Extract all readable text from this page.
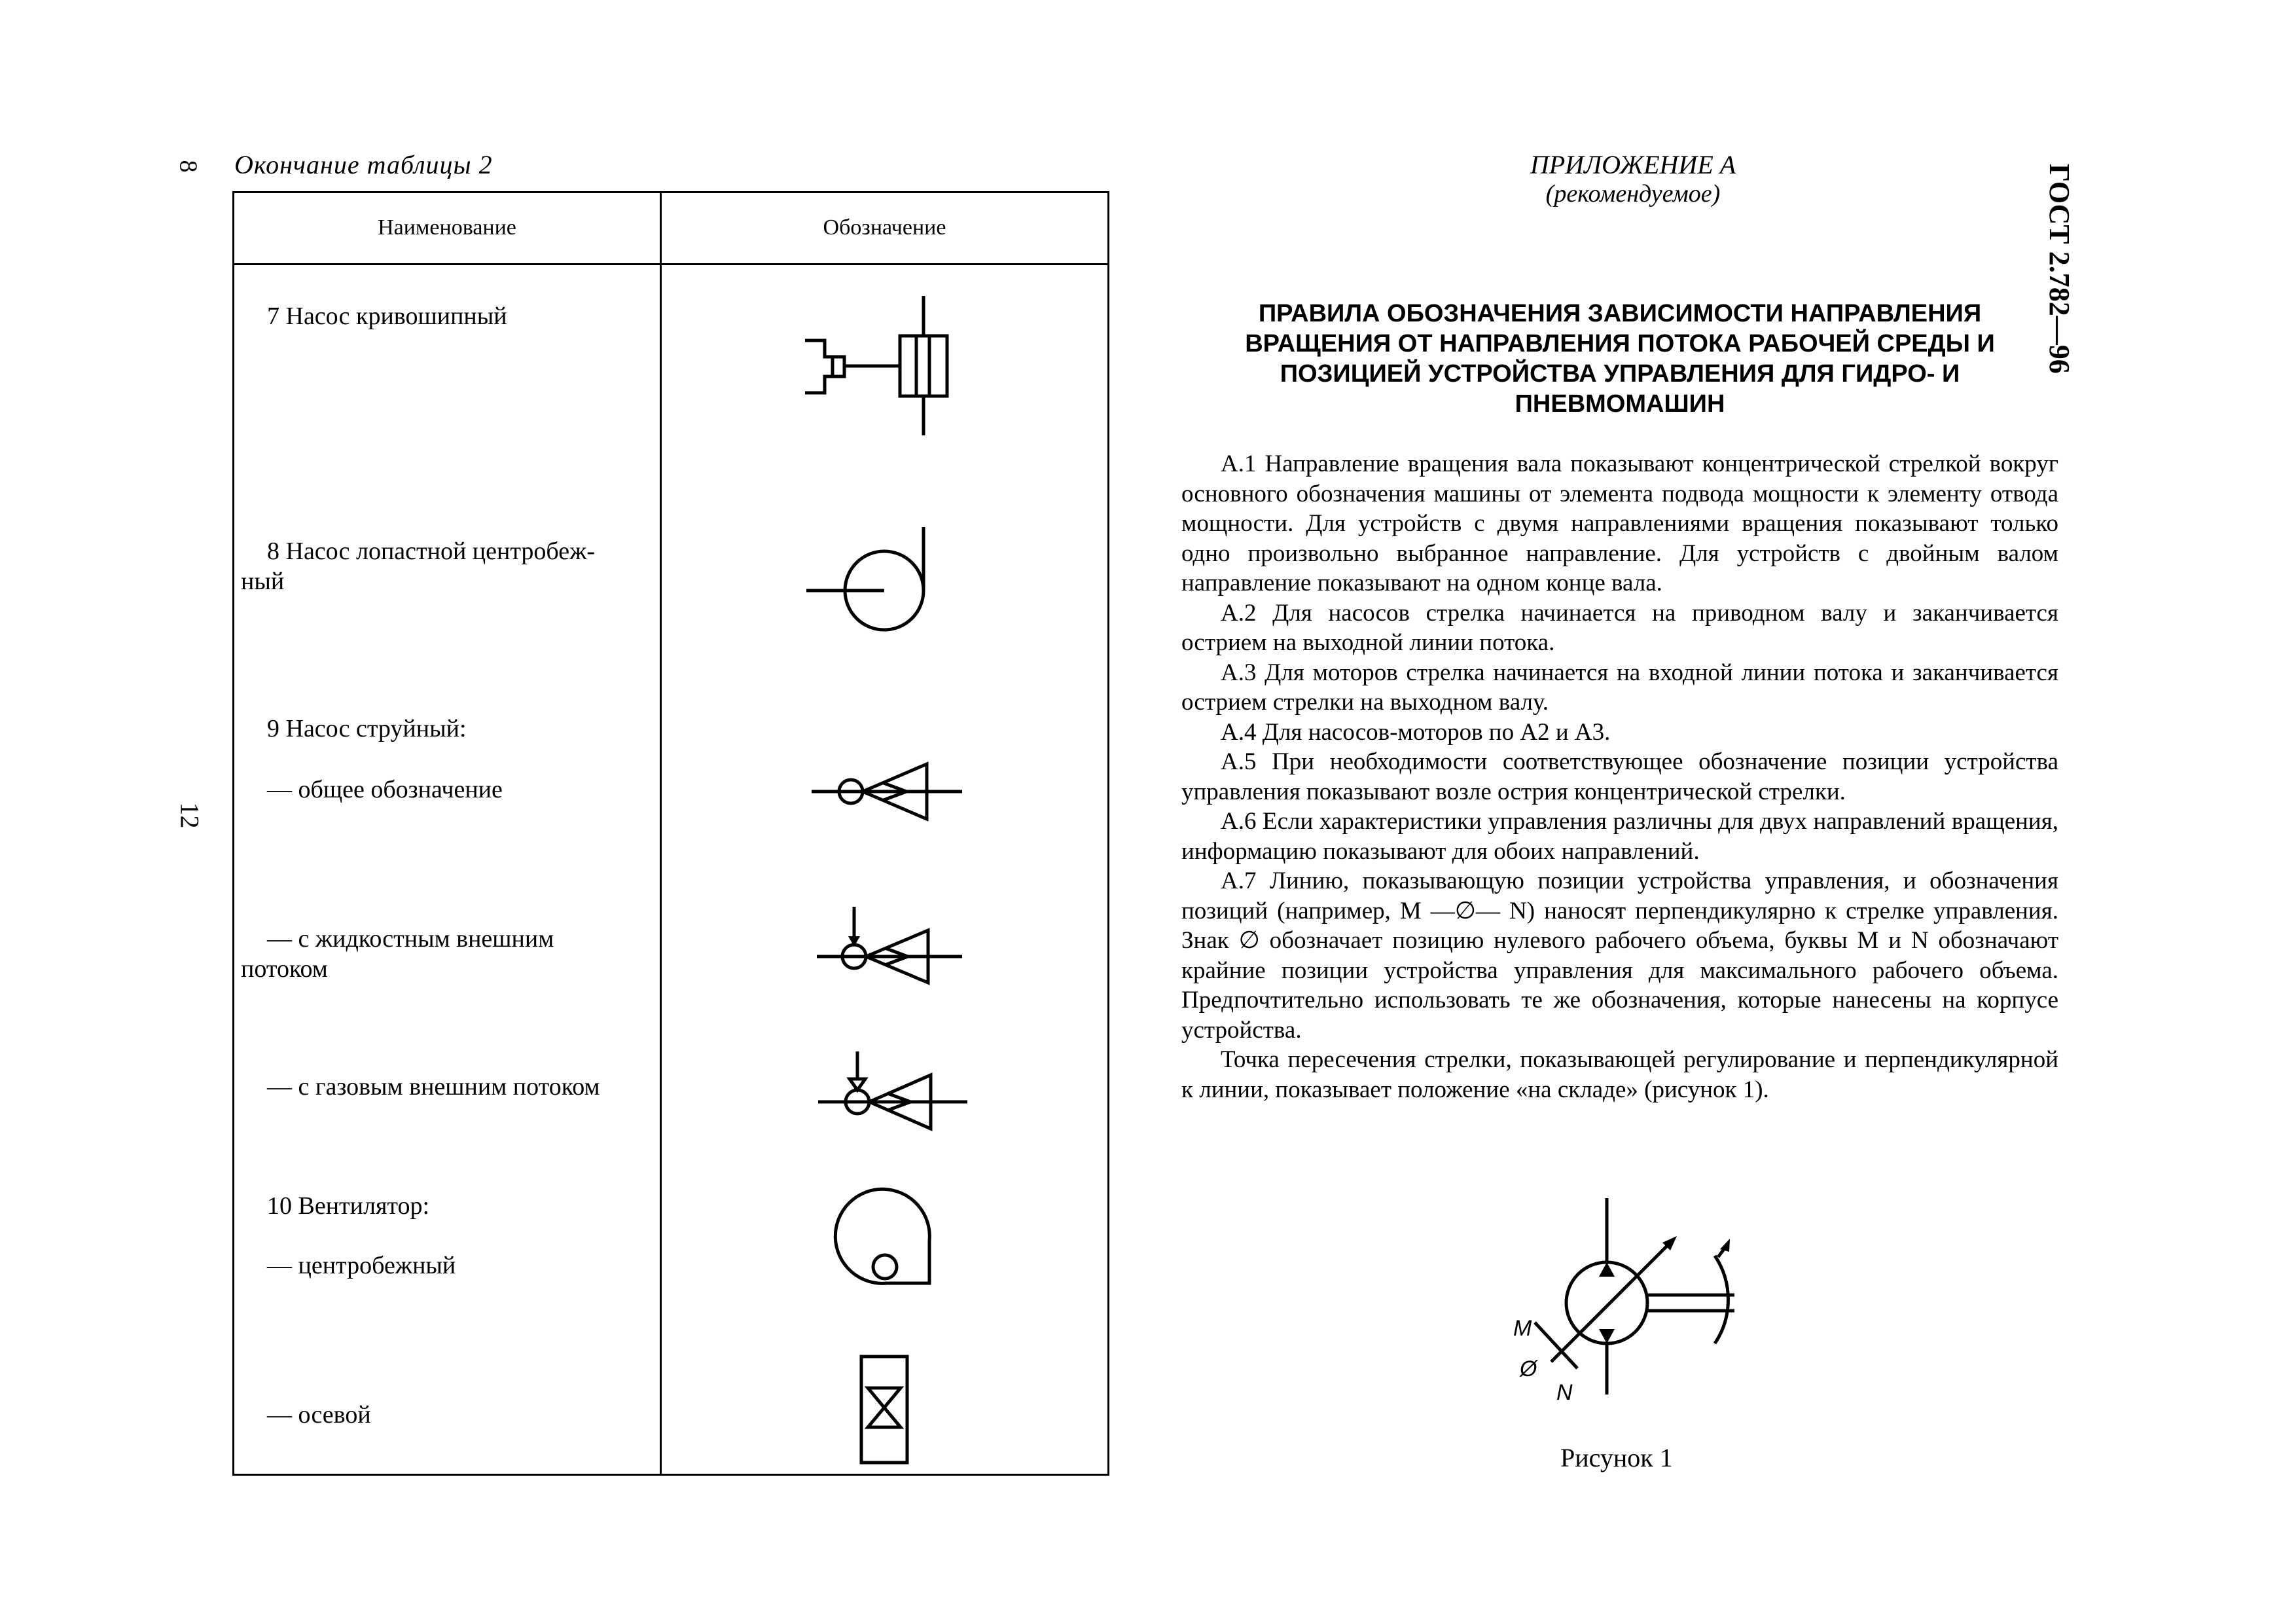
8 Окончание таблицы 2
12
Наименование	Обозначение
7 Насос кривошипный
8 Насос лопастной центробеж-
ный
9 Насос струйный:
— общее обозначение
— с жидкостным внешним
потоком
— с газовым внешним потоком
10 Вентилятор:
— центробежный
— осевой
ПРИЛОЖЕНИЕ А
(рекомендуемое)	ГОСТ 2.782—96
ПРАВИЛА ОБОЗНАЧЕНИЯ ЗАВИСИМОСТИ НАПРАВЛЕНИЯ ВРАЩЕНИЯ ОТ НАПРАВЛЕНИЯ ПОТОКА РАБОЧЕЙ СРЕДЫ И ПОЗИЦИЕЙ УСТРОЙСТВА УПРАВЛЕНИЯ ДЛЯ ГИДРО- И ПНЕВМОМАШИН

А.1 Направление вращения вала показывают концентрической стрелкой вокруг основного обозначения машины от элемента подвода мощности к элементу отвода мощности. Для устройств с двумя направлениями вращения показывают только одно произвольно выбранное направление. Для устройств с двойным валом направление показывают на одном конце вала.

А.2 Для насосов стрелка начинается на приводном валу и заканчивается острием на выходной линии потока.

А.3 Для моторов стрелка начинается на входной линии потока и заканчивается острием стрелки на выходном валу.

А.4 Для насосов-моторов по А2 и А3.

А.5 При необходимости соответствующее обозначение позиции устройства управления показывают возле острия концентрической стрелки.

А.6 Если характеристики управления различны для двух направлений вращения, информацию показывают для обоих направлений.

А.7 Линию, показывающую позиции устройства управления, и обозначения позиций (например, M —∅— N) наносят перпендикулярно к стрелке управления. Знак ∅ обозначает позицию нулевого рабочего объема, буквы M и N обозначают крайние позиции устройства управления для максимального рабочего объема. Предпочтительно использовать те же обозначения, которые нанесены на корпусе устройства.

Точка пересечения стрелки, показывающей регулирование и перпендикулярной к линии, показывает положение «на складе» (рисунок 1).

M
Ø
N
Рисунок 1
